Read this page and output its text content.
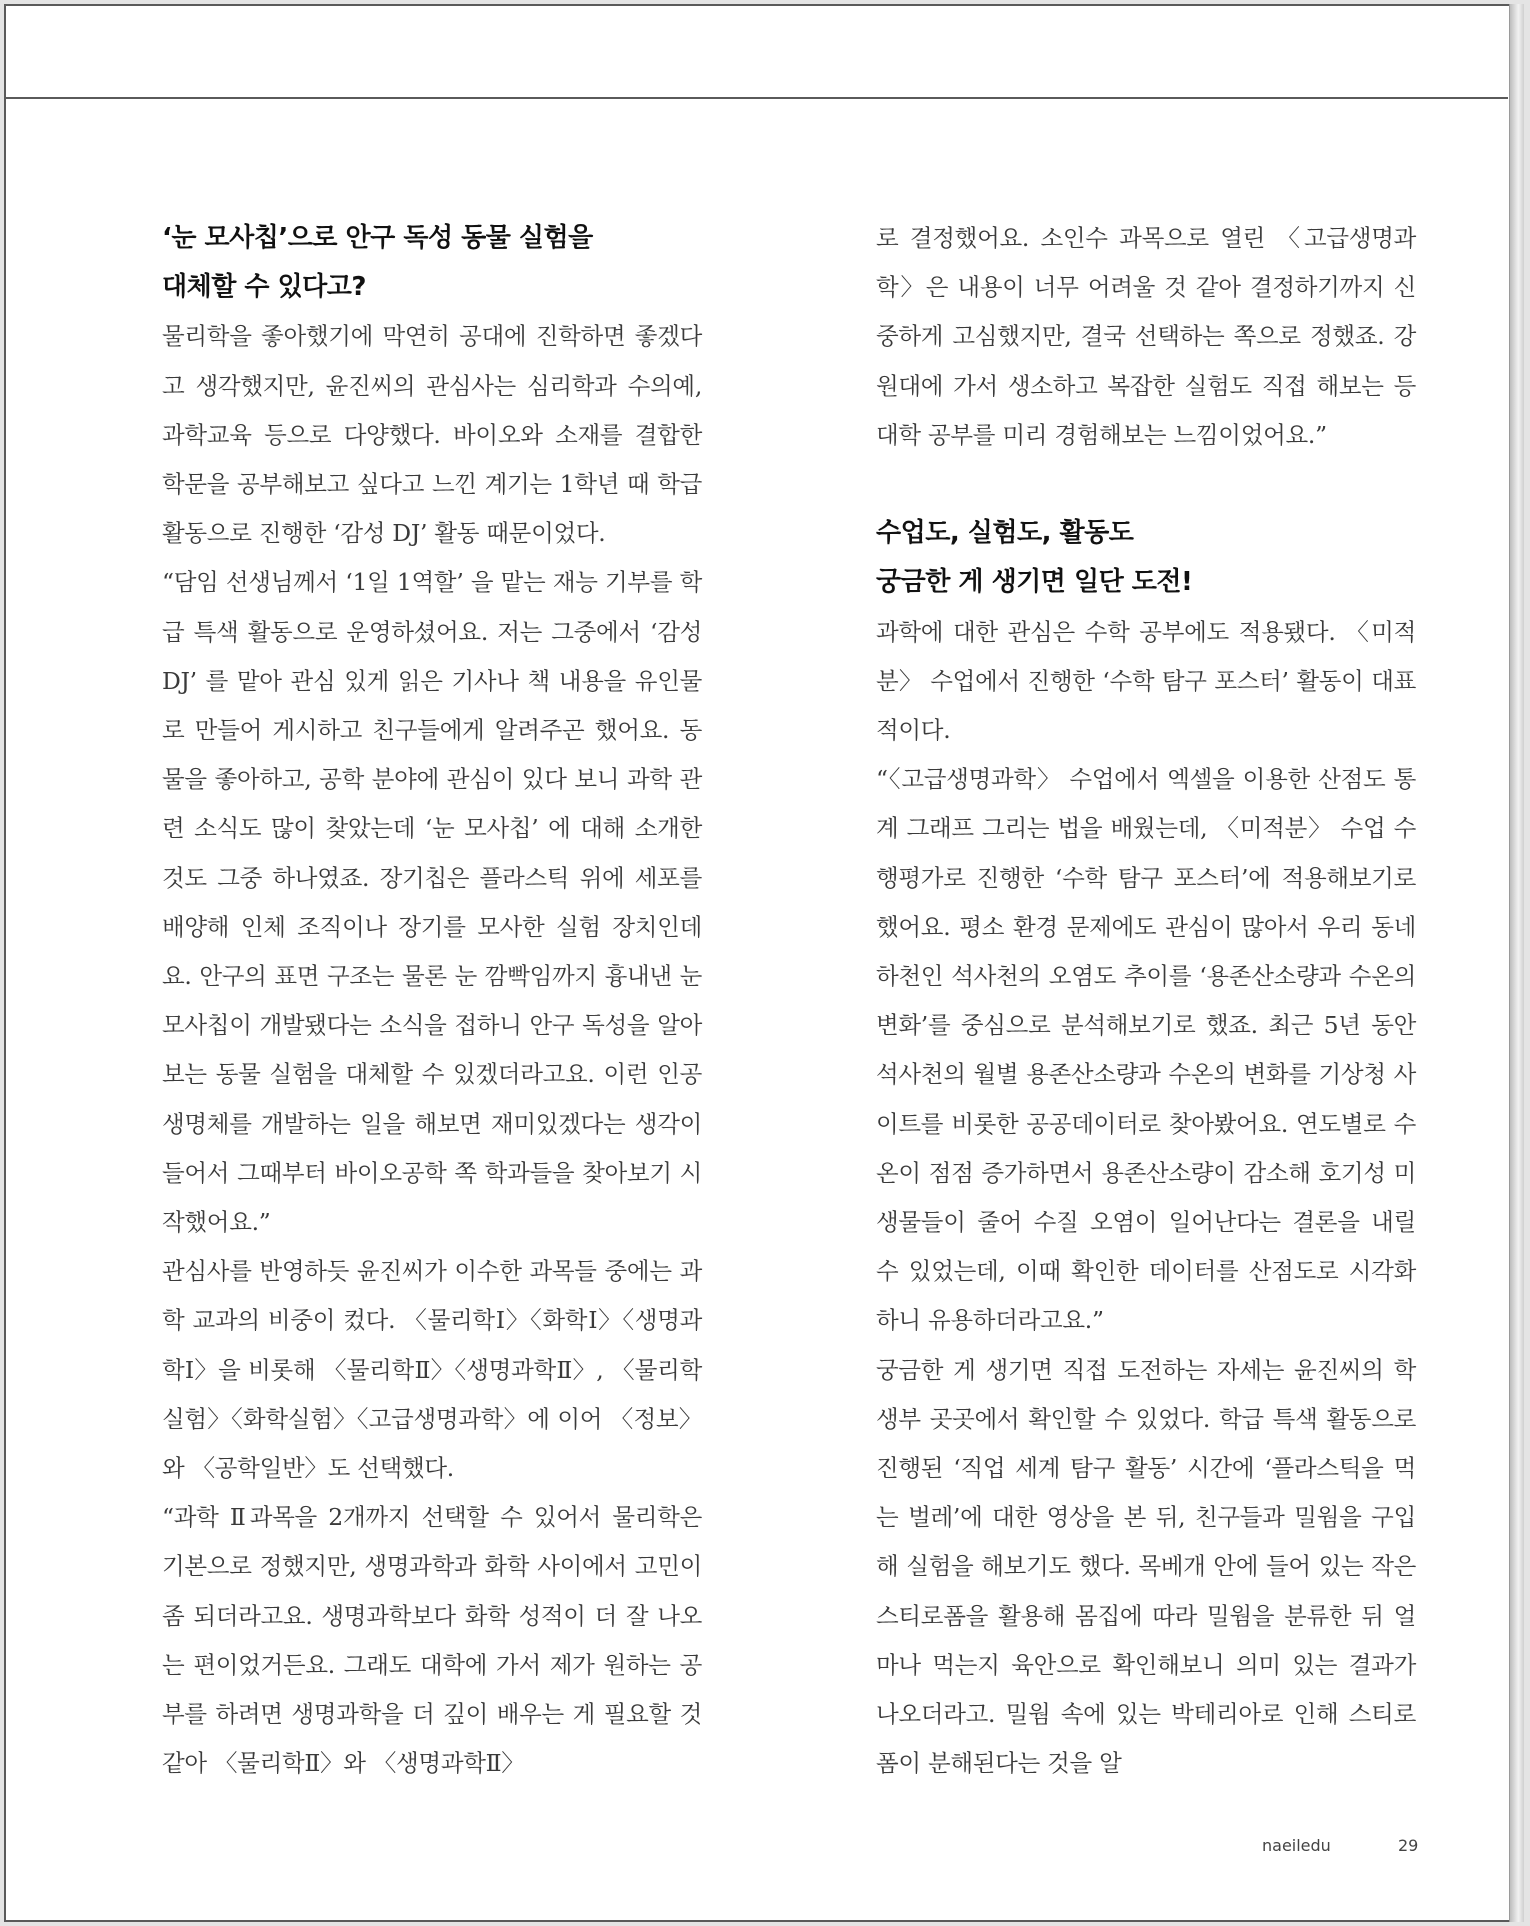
‘눈 모사칩’으로 안구 독성 동물 실험을
대체할 수 있다고?

물리학을 좋아했기에 막연히 공대에 진학하면 좋겠다고 생각했지만, 윤진씨의 관심사는 심리학과 수의예, 과학교육 등으로 다양했다. 바이오와 소재를 결합한 학문을 공부해보고 싶다고 느낀 계기는 1학년 때 학급 활동으로 진행한 ‘감성 DJ’ 활동 때문이었다.

“담임 선생님께서 ‘1일 1역할’ 을 맡는 재능 기부를 학급 특색 활동으로 운영하셨어요. 저는 그중에서 ‘감성 DJ’ 를 맡아 관심 있게 읽은 기사나 책 내용을 유인물로 만들어 게시하고 친구들에게 알려주곤 했어요. 동물을 좋아하고, 공학 분야에 관심이 있다 보니 과학 관련 소식도 많이 찾았는데 ‘눈 모사칩’ 에 대해 소개한 것도 그중 하나였죠. 장기칩은 플라스틱 위에 세포를 배양해 인체 조직이나 장기를 모사한 실험 장치인데요. 안구의 표면 구조는 물론 눈 깜빡임까지 흉내낸 눈 모사칩이 개발됐다는 소식을 접하니 안구 독성을 알아보는 동물 실험을 대체할 수 있겠더라고요. 이런 인공생명체를 개발하는 일을 해보면 재미있겠다는 생각이 들어서 그때부터 바이오공학 쪽 학과들을 찾아보기 시작했어요.”

관심사를 반영하듯 윤진씨가 이수한 과목들 중에는 과학 교과의 비중이 컸다. 〈물리학Ⅰ〉〈화학Ⅰ〉〈생명과학Ⅰ〉을 비롯해 〈물리학Ⅱ〉〈생명과학Ⅱ〉, 〈물리학실험〉〈화학실험〉〈고급생명과학〉에 이어 〈정보〉와 〈공학일반〉도 선택했다.

“과학 Ⅱ과목을 2개까지 선택할 수 있어서 물리학은 기본으로 정했지만, 생명과학과 화학 사이에서 고민이 좀 되더라고요. 생명과학보다 화학 성적이 더 잘 나오는 편이었거든요. 그래도 대학에 가서 제가 원하는 공부를 하려면 생명과학을 더 깊이 배우는 게 필요할 것 같아 〈물리학Ⅱ〉와 〈생명과학Ⅱ〉

로 결정했어요. 소인수 과목으로 열린 〈고급생명과학〉은 내용이 너무 어려울 것 같아 결정하기까지 신중하게 고심했지만, 결국 선택하는 쪽으로 정했죠. 강원대에 가서 생소하고 복잡한 실험도 직접 해보는 등 대학 공부를 미리 경험해보는 느낌이었어요.”

수업도, 실험도, 활동도
궁금한 게 생기면 일단 도전!

과학에 대한 관심은 수학 공부에도 적용됐다. 〈미적분〉 수업에서 진행한 ‘수학 탐구 포스터’ 활동이 대표적이다.

“〈고급생명과학〉 수업에서 엑셀을 이용한 산점도 통계 그래프 그리는 법을 배웠는데, 〈미적분〉 수업 수행평가로 진행한 ‘수학 탐구 포스터’에 적용해보기로 했어요. 평소 환경 문제에도 관심이 많아서 우리 동네 하천인 석사천의 오염도 추이를 ‘용존산소량과 수온의 변화’를 중심으로 분석해보기로 했죠. 최근 5년 동안 석사천의 월별 용존산소량과 수온의 변화를 기상청 사이트를 비롯한 공공데이터로 찾아봤어요. 연도별로 수온이 점점 증가하면서 용존산소량이 감소해 호기성 미생물들이 줄어 수질 오염이 일어난다는 결론을 내릴 수 있었는데, 이때 확인한 데이터를 산점도로 시각화하니 유용하더라고요.”

궁금한 게 생기면 직접 도전하는 자세는 윤진씨의 학생부 곳곳에서 확인할 수 있었다. 학급 특색 활동으로 진행된 ‘직업 세계 탐구 활동’ 시간에 ‘플라스틱을 먹는 벌레’에 대한 영상을 본 뒤, 친구들과 밀웜을 구입해 실험을 해보기도 했다. 목베개 안에 들어 있는 작은 스티로폼을 활용해 몸집에 따라 밀웜을 분류한 뒤 얼마나 먹는지 육안으로 확인해보니 의미 있는 결과가 나오더라고. 밀웜 속에 있는 박테리아로 인해 스티로폼이 분해된다는 것을 알

naeiledu	29
